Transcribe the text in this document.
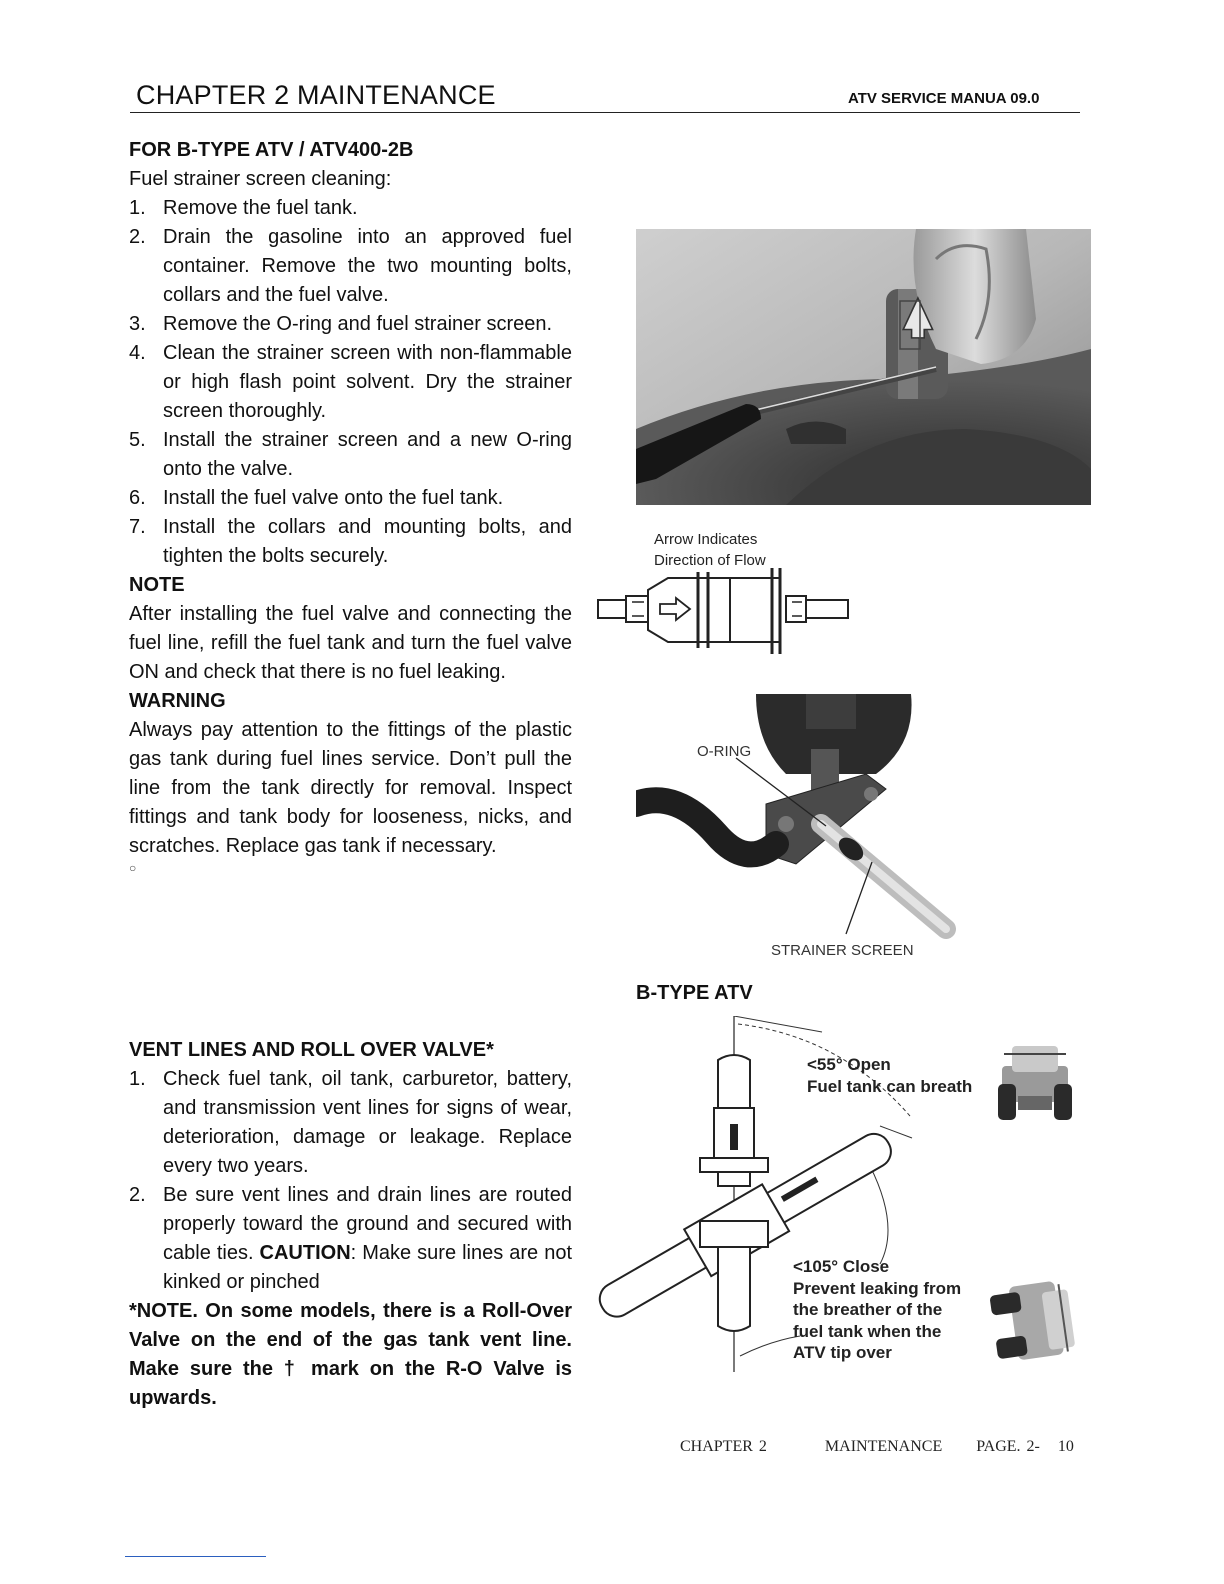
CHAPTER 2 MAINTENANCE	ATV SERVICE MANUA 09.0
FOR B-TYPE ATV / ATV400-2B
Fuel strainer screen cleaning:
1. Remove the fuel tank.
2. Drain the gasoline into an approved fuel container. Remove the two mounting bolts, collars and the fuel valve.
3. Remove the O-ring and fuel strainer screen.
4. Clean the strainer screen with non-flammable or high flash point solvent. Dry the strainer screen thoroughly.
5. Install the strainer screen and a new O-ring onto the valve.
6. Install the fuel valve onto the fuel tank.
7. Install the collars and mounting bolts, and tighten the bolts securely.
NOTE
After installing the fuel valve and connecting the fuel line, refill the fuel tank and turn the fuel valve ON and check that there is no fuel leaking.
WARNING
Always pay attention to the fittings of the plastic gas tank during fuel lines service. Don’t pull the line from the tank directly for removal. Inspect fittings and tank body for looseness, nicks, and scratches. Replace gas tank if necessary.
○
VENT LINES AND ROLL OVER VALVE*
1. Check fuel tank, oil tank, carburetor, battery, and transmission vent lines for signs of wear, deterioration, damage or leakage. Replace every two years.
2. Be sure vent lines and drain lines are routed properly toward the ground and secured with cable ties. CAUTION: Make sure lines are not kinked or pinched
*NOTE. On some models, there is a Roll-Over Valve on the end of the gas tank vent line. Make sure the † mark on the R-O Valve is upwards.
Arrow Indicates
Direction of Flow
O-RING
STRAINER SCREEN
B-TYPE ATV
<55° Open
Fuel tank can breath
<105° Close
Prevent leaking from
the breather of the
fuel tank when the
ATV tip over
CHAPTER 2	MAINTENANCE PAGE. 2-   10
